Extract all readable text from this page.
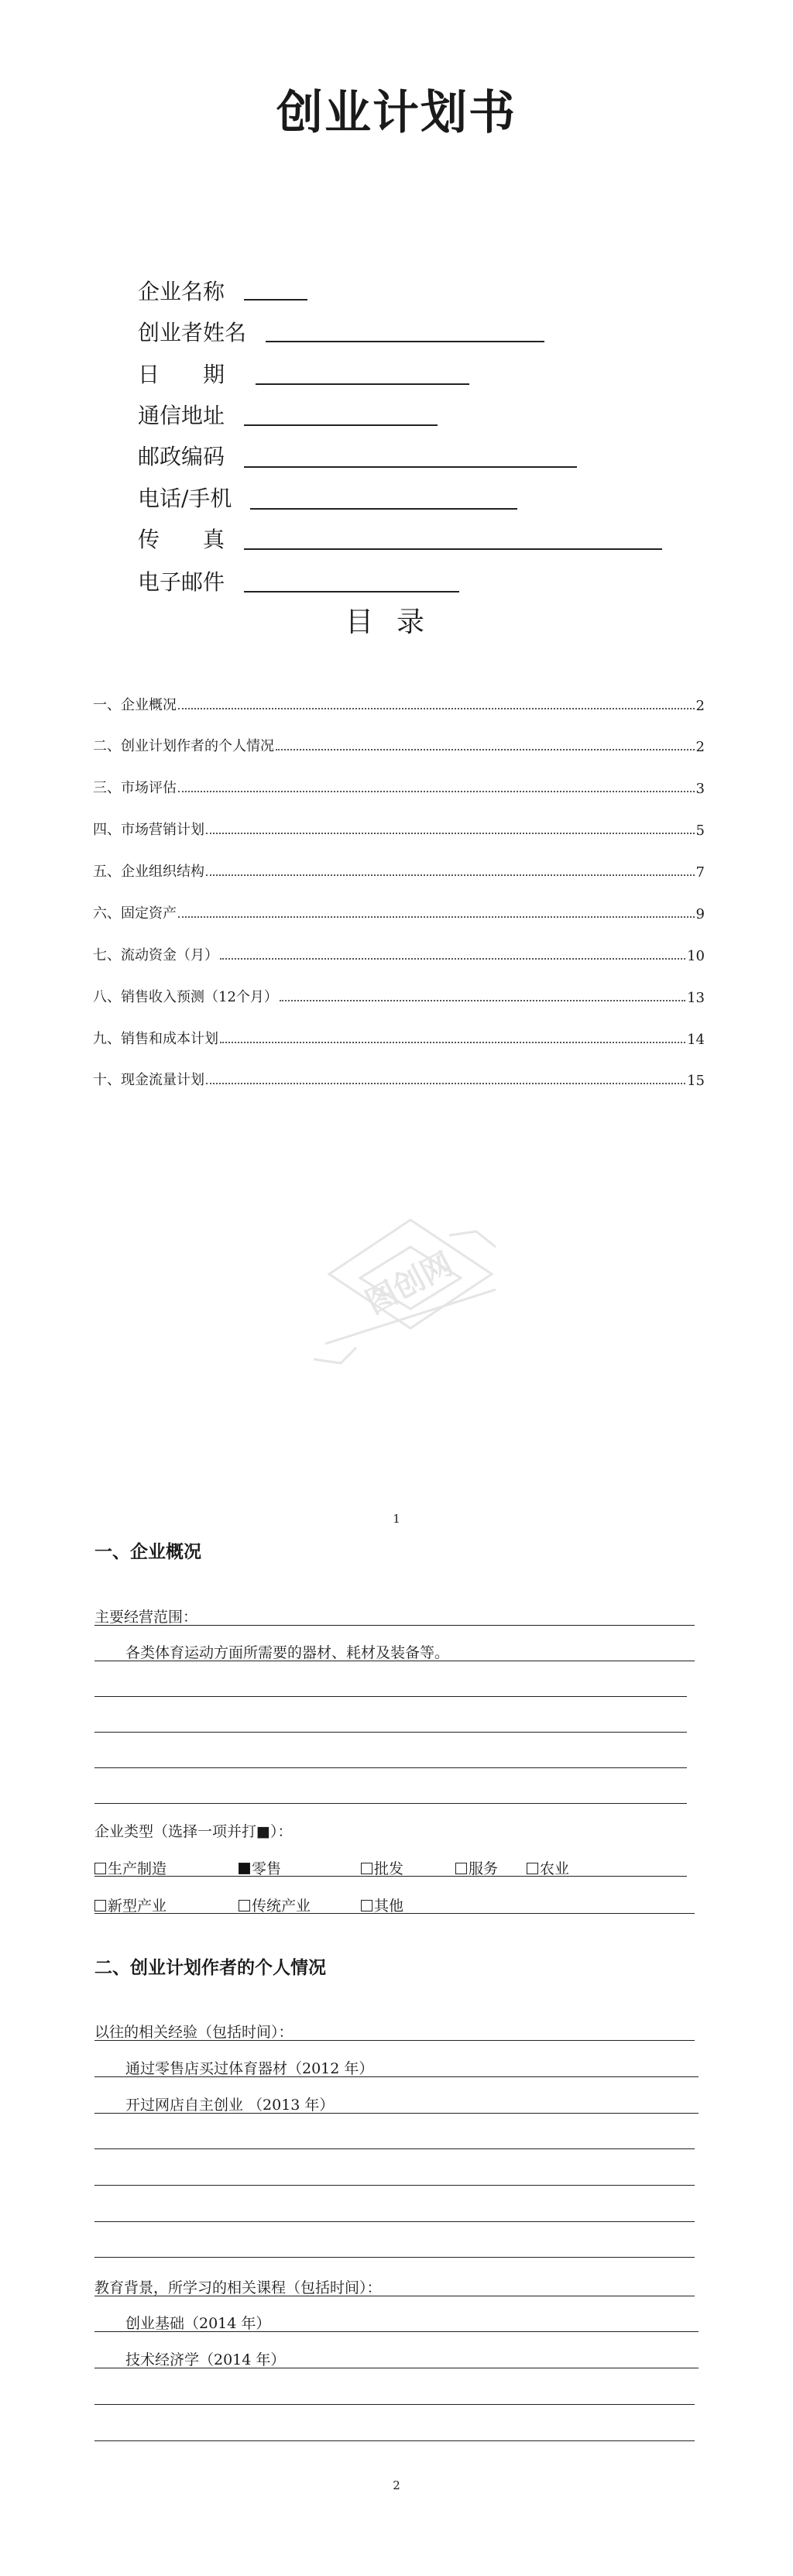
创业计划书
企业名称
创业者姓名
日　　期
通信地址
邮政编码
电话/手机
传　　真
电子邮件
目录
一、企业概况	2
二、创业计划作者的个人情况	2
三、市场评估	3
四、市场营销计划	5
五、企业组织结构	7
六、固定资产	9
七、流动资金（月）	10
八、销售收入预测（12个月）	13
九、销售和成本计划	14
十、现金流量计划	15
图创网
1
一、企业概况
主要经营范围：
各类体育运动方面所需要的器材、耗材及装备等。
企业类型（选择一项并打■）：
生产制造	零售	批发	服务	农业
新型产业	传统产业	其他
二、创业计划作者的个人情况
以往的相关经验（包括时间）：
通过零售店买过体育器材（2012 年）
开过网店自主创业 （2013 年）
教育背景，所学习的相关课程（包括时间）：
创业基础（2014 年）
技术经济学（2014 年）
2
